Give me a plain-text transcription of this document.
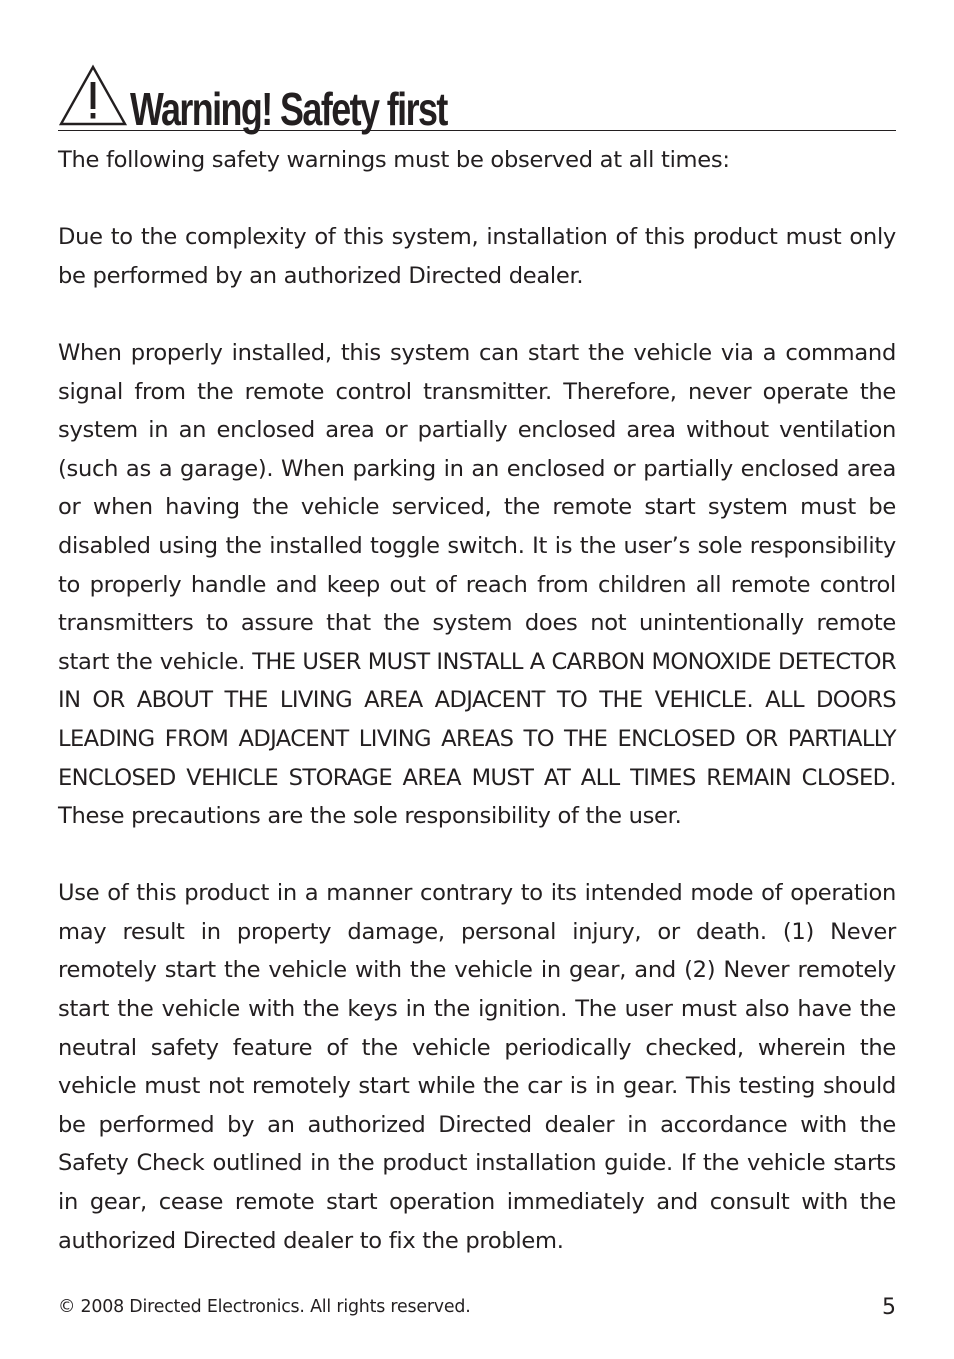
Warning! Safety first

The following safety warnings must be observed at all times:

Due to the complexity of this system, installation of this product must only be performed by an authorized Directed dealer.

When properly installed, this system can start the vehicle via a command signal from the remote control transmitter. Therefore, never operate the system in an enclosed area or partially enclosed area without ventilation (such as a garage). When parking in an enclosed or partially enclosed area or when having the vehicle serviced, the remote start system must be disabled using the installed toggle switch. It is the user’s sole responsibility to properly handle and keep out of reach from children all remote control transmitters to assure that the system does not unintentionally remote start the vehicle. THE USER MUST INSTALL A CARBON MONOXIDE DETECTOR IN OR ABOUT THE LIVING AREA ADJACENT TO THE VEHICLE. ALL DOORS LEADING FROM ADJACENT LIVING AREAS TO THE ENCLOSED OR PARTIALLY ENCLOSED VEHICLE STORAGE AREA MUST AT ALL TIMES REMAIN CLOSED. These precautions are the sole responsibility of the user.

Use of this product in a manner contrary to its intended mode of operation may result in property damage, personal injury, or death. (1) Never remotely start the vehicle with the vehicle in gear, and (2) Never remotely start the vehicle with the keys in the ignition. The user must also have the neutral safety feature of the vehicle periodically checked, wherein the vehicle must not remotely start while the car is in gear. This testing should be performed by an authorized Directed dealer in accordance with the Safety Check outlined in the product installation guide. If the vehicle starts in gear, cease remote start operation immediately and consult with the authorized Directed dealer to fix the problem.

© 2008 Directed Electronics. All rights reserved.	5
